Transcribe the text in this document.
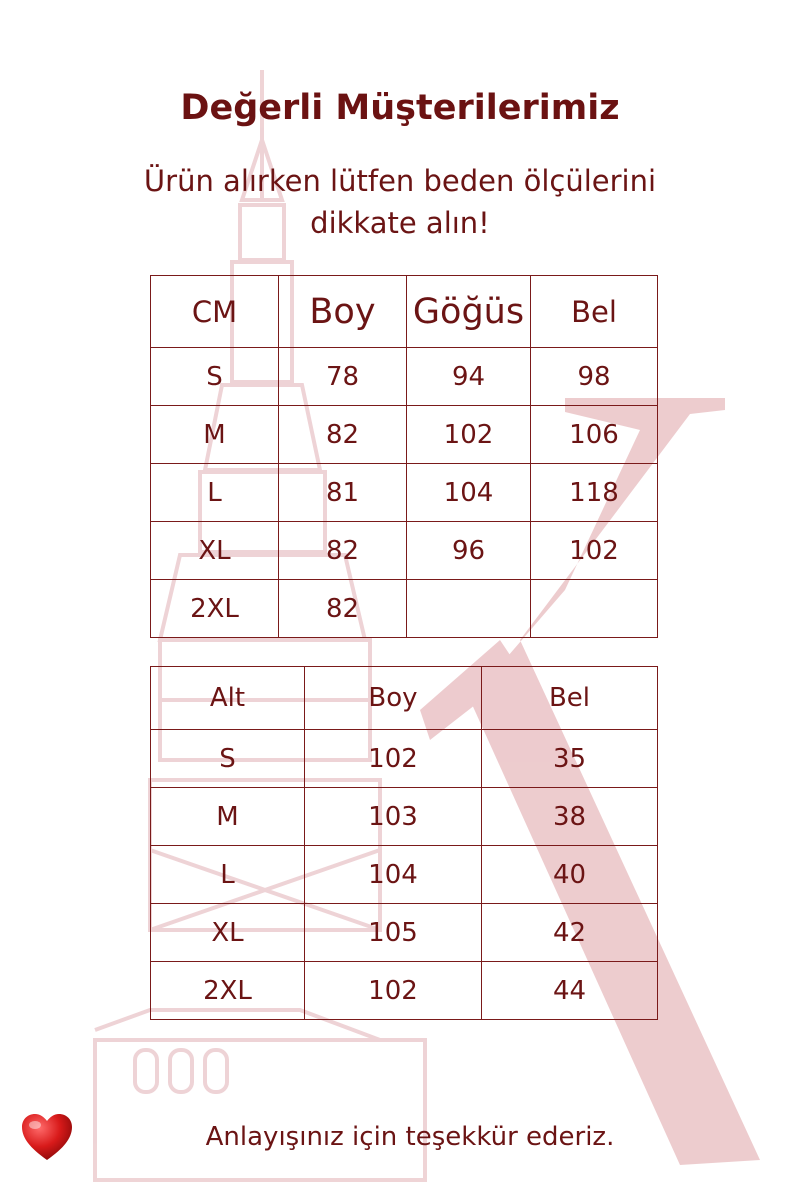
Değerli Müşterilerimiz
Ürün alırken lütfen beden ölçülerini dikkate alın!
CM	Boy	Göğüs	Bel
S	78	94	98
M	82	102	106
L	81	104	118
XL	82	96	102
2XL	82		
Alt	Boy	Bel
S	102	35
M	103	38
L	104	40
XL	105	42
2XL	102	44
Anlayışınız için teşekkür ederiz.
